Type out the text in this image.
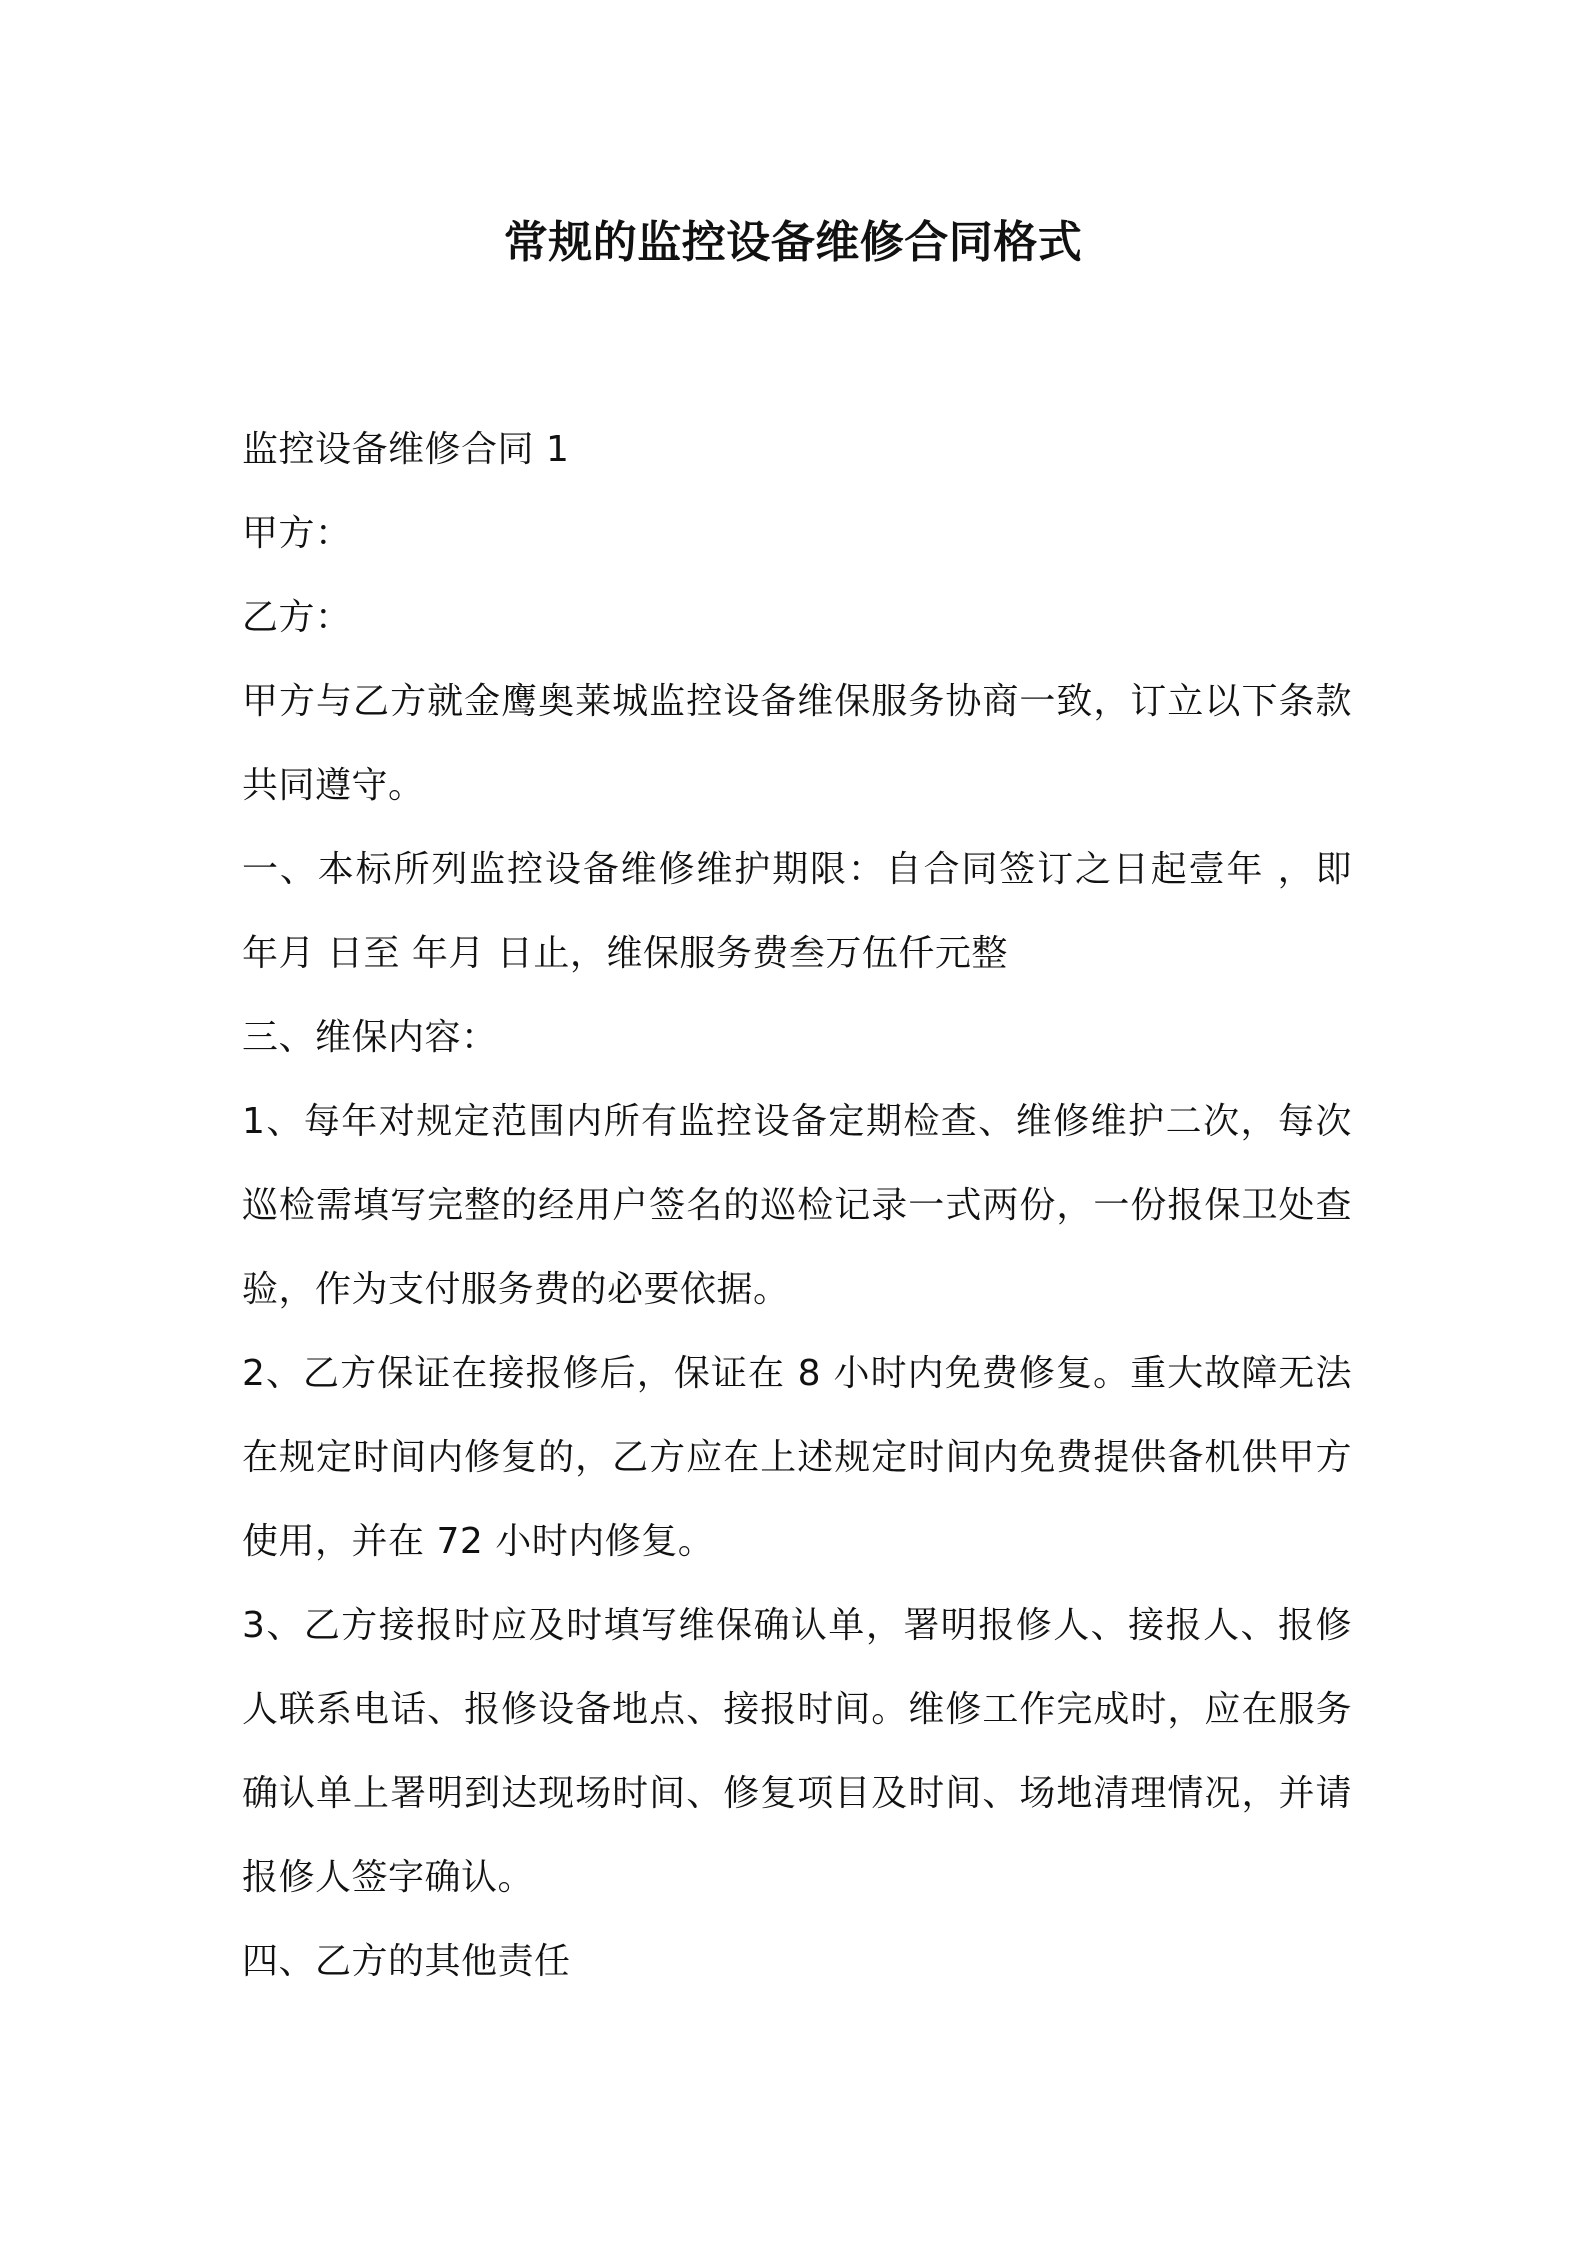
常规的监控设备维修合同格式

监控设备维修合同 1

甲方：

乙方：

甲方与乙方就金鹰奥莱城监控设备维保服务协商一致，订立以下条款共同遵守。

一、本标所列监控设备维修维护期限：自合同签订之日起壹年 ，即 年月 日至 年月 日止，维保服务费叁万伍仟元整

三、维保内容：

1、每年对规定范围内所有监控设备定期检查、维修维护二次，每次巡检需填写完整的经用户签名的巡检记录一式两份，一份报保卫处查验，作为支付服务费的必要依据。

2、乙方保证在接报修后，保证在 8 小时内免费修复。重大故障无法在规定时间内修复的，乙方应在上述规定时间内免费提供备机供甲方使用，并在 72 小时内修复。

3、乙方接报时应及时填写维保确认单，署明报修人、接报人、报修人联系电话、报修设备地点、接报时间。维修工作完成时，应在服务确认单上署明到达现场时间、修复项目及时间、场地清理情况，并请报修人签字确认。

四、乙方的其他责任
